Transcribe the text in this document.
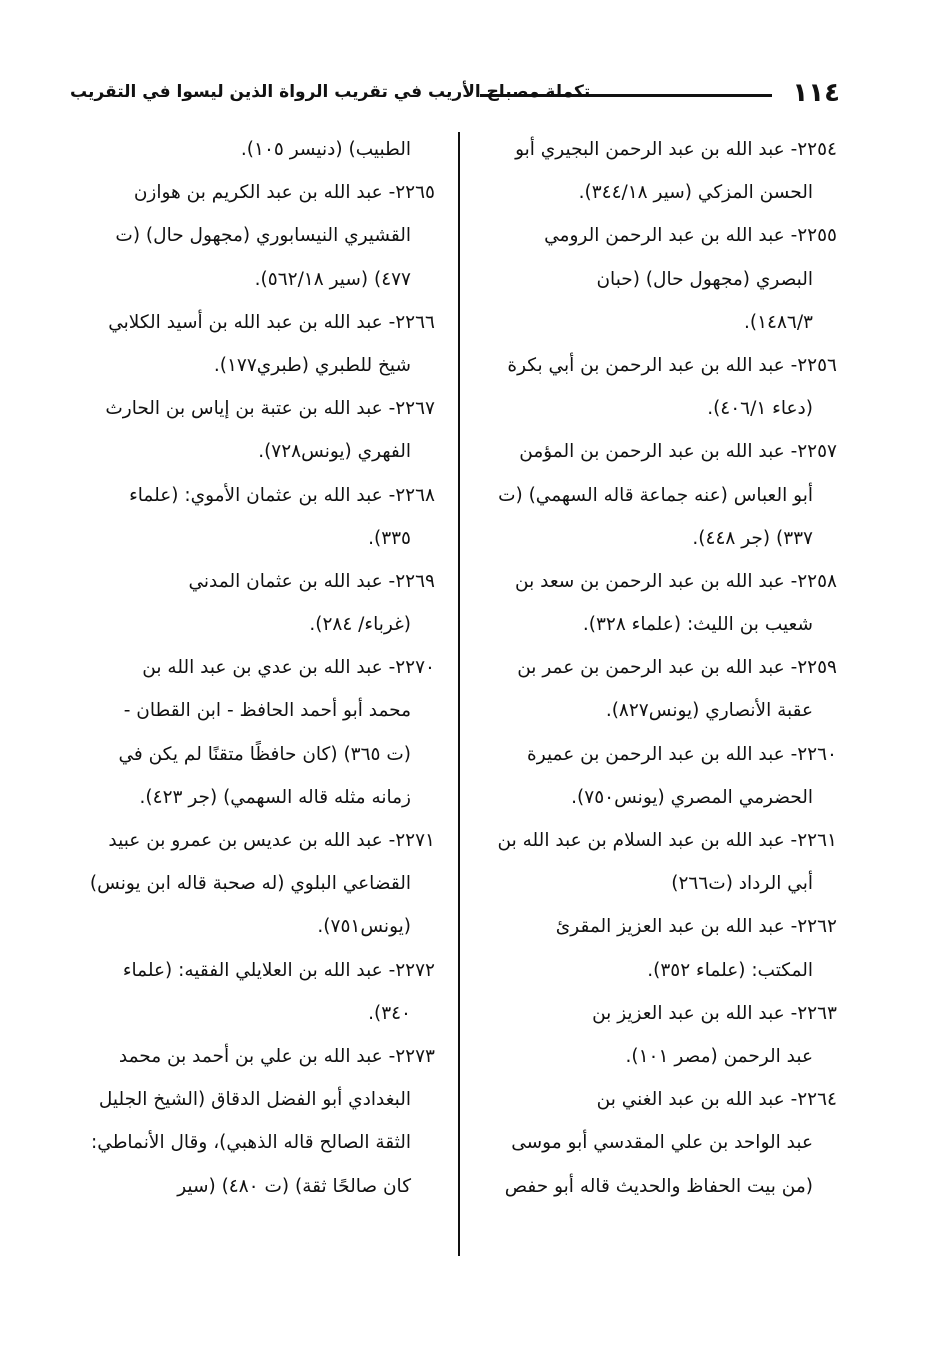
١١٤
تكملة مصباح الأريب في تقريب الرواة الذين ليسوا في التقريب
٢٢٥٤- عبد الله بن عبد الرحمن البجيري أبو
الحسن المزكي (سير ٣٤٤/١٨).
٢٢٥٥- عبد الله بن عبد الرحمن الرومي
البصري (مجهول حال) (حبان
١٤٨٦/٣).
٢٢٥٦- عبد الله بن عبد الرحمن بن أبي بكرة
(دعاء ٤٠٦/١).
٢٢٥٧- عبد الله بن عبد الرحمن بن المؤمن
أبو العباس (عنه جماعة قاله السهمي) (ت
٣٣٧) (جر ٤٤٨).
٢٢٥٨- عبد الله بن عبد الرحمن بن سعد بن
شعيب بن الليث: (علماء ٣٢٨).
٢٢٥٩- عبد الله بن عبد الرحمن بن عمر بن
عقبة الأنصاري (يونس٨٢٧).
٢٢٦٠- عبد الله بن عبد الرحمن بن عميرة
الحضرمي المصري (يونس٧٥٠).
٢٢٦١- عبد الله بن عبد السلام بن عبد الله بن
أبي الرداد (ت٢٦٦)
٢٢٦٢- عبد الله بن عبد العزيز المقرئ
المكتب: (علماء ٣٥٢).
٢٢٦٣- عبد الله بن عبد العزيز بن
عبد الرحمن (مصر ١٠١).
٢٢٦٤- عبد الله بن عبد الغني بن
عبد الواحد بن علي المقدسي أبو موسى
(من بيت الحفاظ والحديث قاله أبو حفص
الطبيب) (دنيسر ١٠٥).
٢٢٦٥- عبد الله بن عبد الكريم بن هوازن
القشيري النيسابوري (مجهول حال) (ت
٤٧٧) (سير ٥٦٢/١٨).
٢٢٦٦- عبد الله بن عبد الله بن أسيد الكلابي
شيخ للطبري (طبري١٧٧).
٢٢٦٧- عبد الله بن عتبة بن إياس بن الحارث
الفهري (يونس٧٢٨).
٢٢٦٨- عبد الله بن عثمان الأموي: (علماء
٣٣٥).
٢٢٦٩- عبد الله بن عثمان المدني
(غرباء/ ٢٨٤).
٢٢٧٠- عبد الله بن عدي بن عبد الله بن
محمد أبو أحمد الحافظ - ابن القطان -
(ت ٣٦٥) (كان حافظًا متقنًا لم يكن في
زمانه مثله قاله السهمي) (جر ٤٢٣).
٢٢٧١- عبد الله بن عديس بن عمرو بن عبيد
القضاعي البلوي (له صحبة قاله ابن يونس)
(يونس٧٥١).
٢٢٧٢- عبد الله بن العلايلي الفقيه: (علماء
٣٤٠).
٢٢٧٣- عبد الله بن علي بن أحمد بن محمد
البغدادي أبو الفضل الدقاق (الشيخ الجليل
الثقة الصالح قاله الذهبي)، وقال الأنماطي:
كان صالحًا ثقة) (ت ٤٨٠) (سير
